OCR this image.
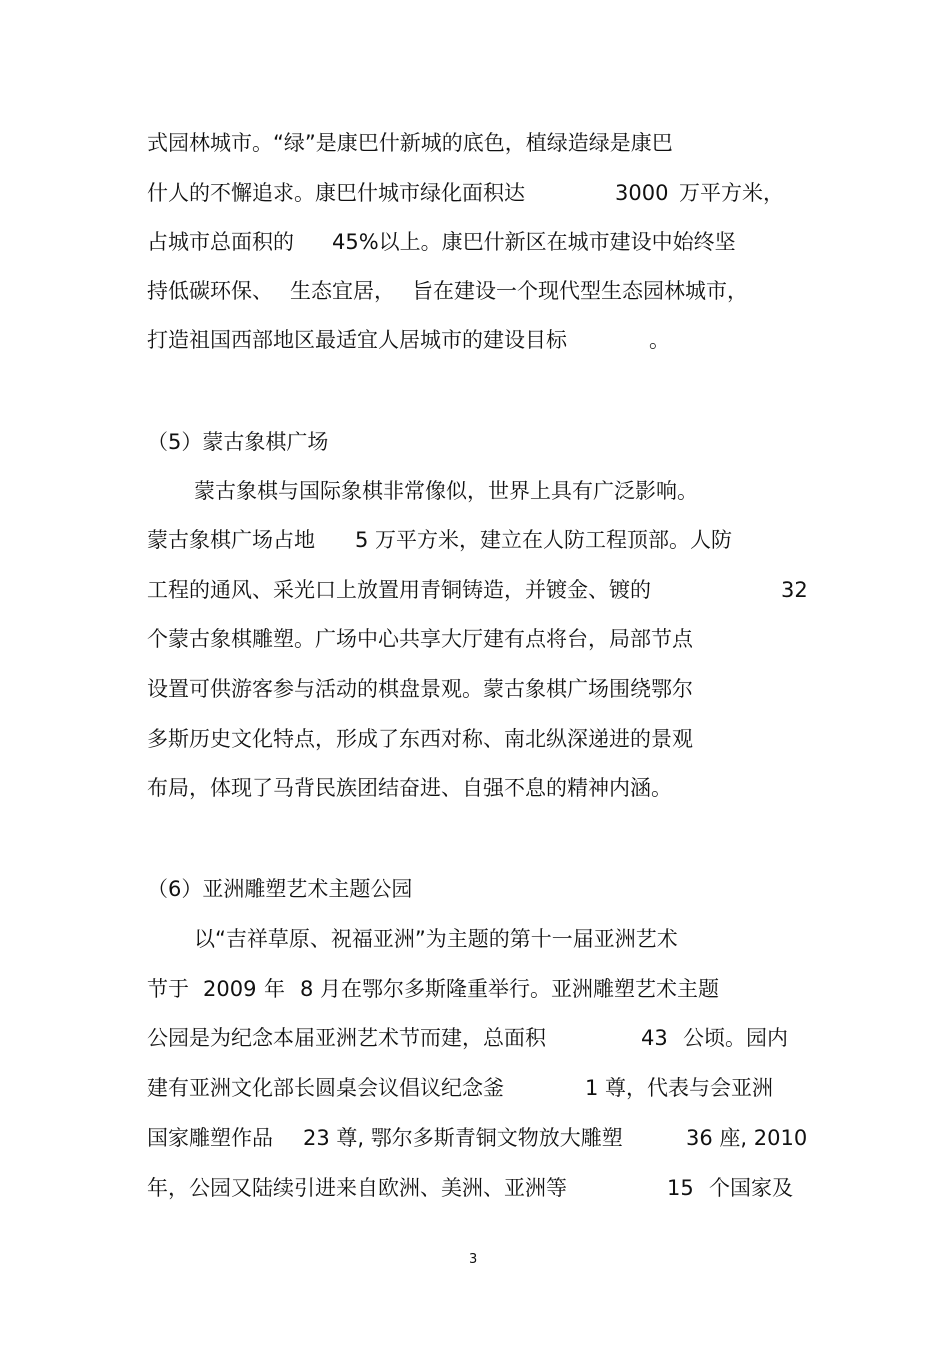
式园林城市。“绿”是康巴什新城的底色，植绿造绿是康巴

什人的不懈追求。康巴什城市绿化面积达

	3000

万平方米，

占城市总面积的

45%以上。康巴什新区在城市建设中始终坚

持低碳环保、

生态宜居，

旨在建设一个现代型生态园林城市，

打造祖国西部地区最适宜人居城市的建设目标

	。

（5）蒙古象棋广场

蒙古象棋与国际象棋非常像似，世界上具有广泛影响。

蒙古象棋广场占地

5 万平方米，建立在人防工程顶部。人防

工程的通风、采光口上放置用青铜铸造，并镀金、镀的

	32

个蒙古象棋雕塑。广场中心共享大厅建有点将台，局部节点

设置可供游客参与活动的棋盘景观。蒙古象棋广场围绕鄂尔

多斯历史文化特点，形成了东西对称、南北纵深递进的景观

布局，体现了马背民族团结奋进、自强不息的精神内涵。

（6）亚洲雕塑艺术主题公园

以“吉祥草原、祝福亚洲”为主题的第十一届亚洲艺术

节于

2009

年

8 月在鄂尔多斯隆重举行。亚洲雕塑艺术主题

公园是为纪念本届亚洲艺术节而建，总面积

	43

公顷。园内

建有亚洲文化部长圆桌会议倡议纪念釜

	1 尊，代表与会亚洲

国家雕塑作品

23 尊, 鄂尔多斯青铜文物放大雕塑

	36 座, 2010

年，公园又陆续引进来自欧洲、美洲、亚洲等

	15

个国家及

3
